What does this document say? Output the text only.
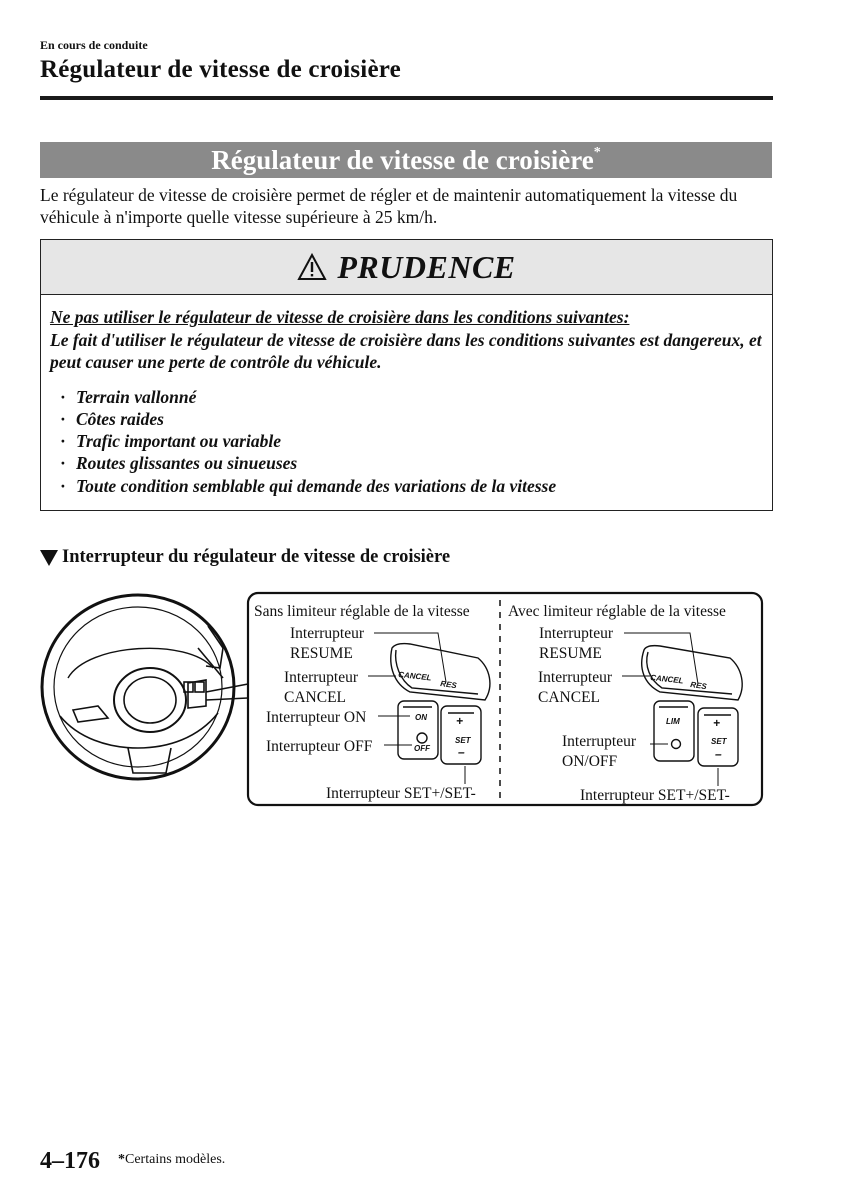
En cours de conduite
Régulateur de vitesse de croisière
Régulateur de vitesse de croisière*
Le régulateur de vitesse de croisière permet de régler et de maintenir automatiquement la vitesse du véhicule à n'importe quelle vitesse supérieure à 25 km/h.
PRUDENCE
Ne pas utiliser le régulateur de vitesse de croisière dans les conditions suivantes:
Le fait d'utiliser le régulateur de vitesse de croisière dans les conditions suivantes est dangereux, et peut causer une perte de contrôle du véhicule.
· Terrain vallonné
· Côtes raides
· Trafic important ou variable
· Routes glissantes ou sinueuses
· Toute condition semblable qui demande des variations de la vitesse
Interrupteur du régulateur de vitesse de croisière
Sans limiteur réglable de la vitesse
Interrupteur
RESUME
Interrupteur
CANCEL
Interrupteur ON
Interrupteur OFF
Interrupteur SET+/SET-
CANCEL
RES
ON
OFF
+
SET
–
Avec limiteur réglable de la vitesse
Interrupteur
RESUME
Interrupteur
CANCEL
Interrupteur
ON/OFF
Interrupteur SET+/SET-
CANCEL
RES
LIM	+
SET
–
4–176 *Certains modèles.
